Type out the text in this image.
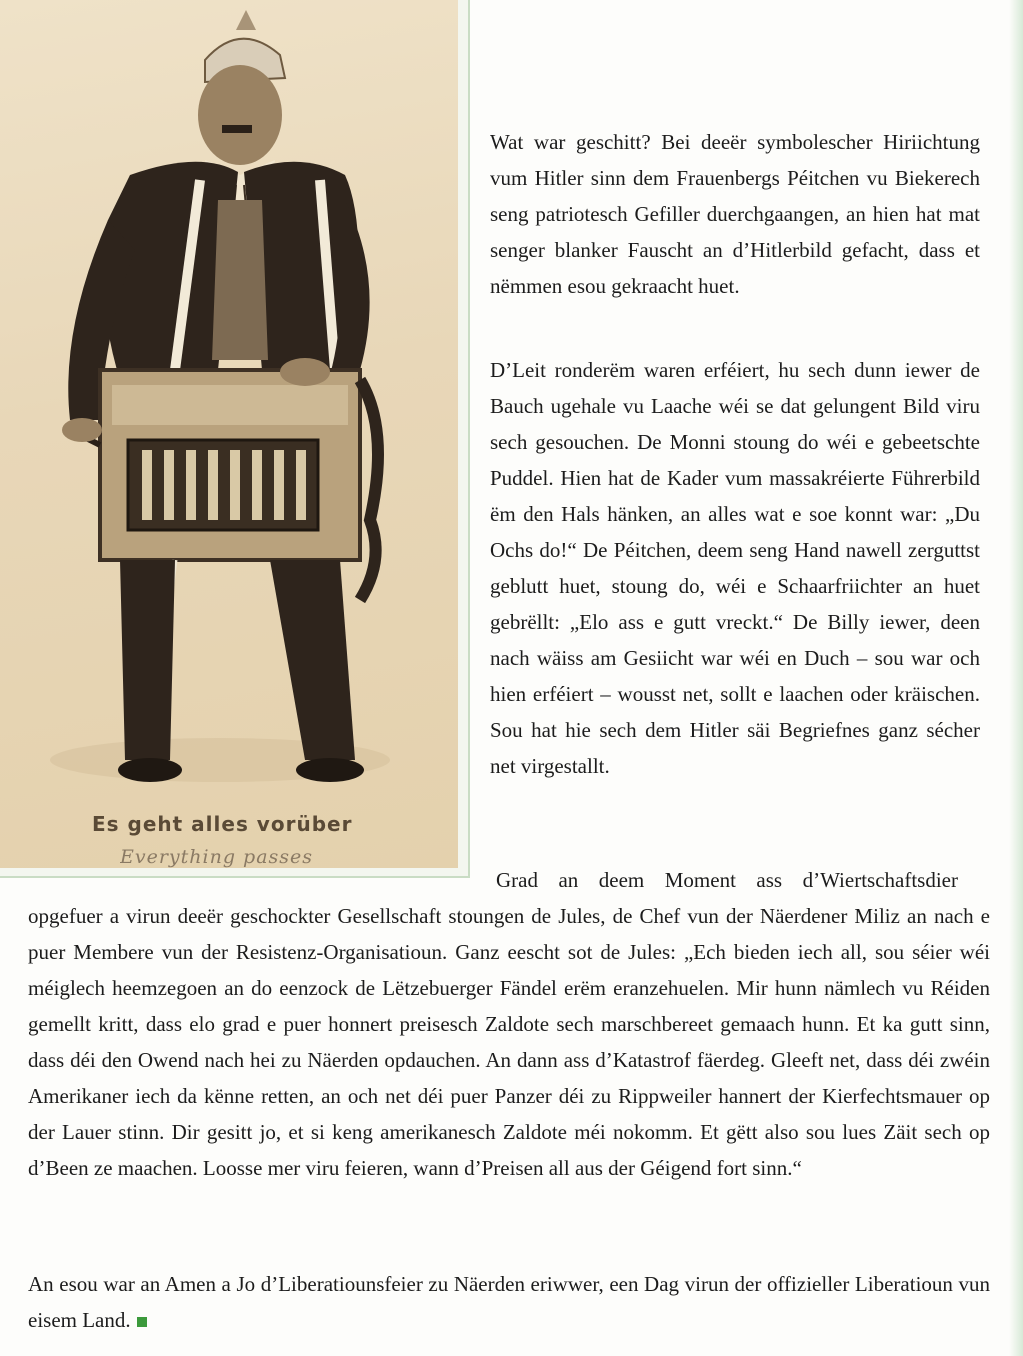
Es geht alles vorüber
Everything passes

Wat war geschitt? Bei deeër symbolescher Hiriichtung vum Hitler sinn dem Frauenbergs Péitchen vu Biekerech seng patriotesch Gefiller duerchgaangen, an hien hat mat senger blanker Fauscht an d’Hitlerbild gefacht, dass et nëmmen esou gekraacht huet.

D’Leit ronderëm waren erféiert, hu sech dunn iewer de Bauch ugehale vu Laache wéi se dat gelungent Bild viru sech gesouchen. De Monni stoung do wéi e gebeetschte Puddel. Hien hat de Kader vum massakréierte Führerbild ëm den Hals hänken, an alles wat e soe konnt war: „Du Ochs do!“ De Péitchen, deem seng Hand nawell zerguttst geblutt huet, stoung do, wéi e Schaarfriichter an huet gebrëllt: „Elo ass e gutt vreckt.“ De Billy iewer, deen nach wäiss am Gesiicht war wéi en Duch – sou war och hien erféiert – wousst net, sollt e laachen oder kräischen. Sou hat hie sech dem Hitler säi Begriefnes ganz sécher net virgestallt.

Grad an deem Moment ass d’Wiertschaftsdier

opgefuer a virun deeër geschockter Gesellschaft stoungen de Jules, de Chef vun der Näerdener Miliz an nach e puer Membere vun der Resistenz-Organisatioun. Ganz eescht sot de Jules: „Ech bieden iech all, sou séier wéi méiglech heemzegoen an do eenzock de Lëtzebuerger Fändel erëm eranzehuelen. Mir hunn nämlech vu Réiden gemellt kritt, dass elo grad e puer honnert preisesch Zaldote sech marschbereet gemaach hunn. Et ka gutt sinn, dass déi den Owend nach hei zu Näerden opdauchen. An dann ass d’Katastrof fäerdeg. Gleeft net, dass déi zwéin Amerikaner iech da kënne retten, an och net déi puer Panzer déi zu Rippweiler hannert der Kierfechtsmauer op der Lauer stinn. Dir gesitt jo, et si keng amerikanesch Zaldote méi nokomm. Et gëtt also sou lues Zäit sech op d’Been ze maachen. Loosse mer viru feieren, wann d’Preisen all aus der Géigend fort sinn.“

An esou war an Amen a Jo d’Liberatiounsfeier zu Näerden eriwwer, een Dag virun der offizieller Liberatioun vun eisem Land.
